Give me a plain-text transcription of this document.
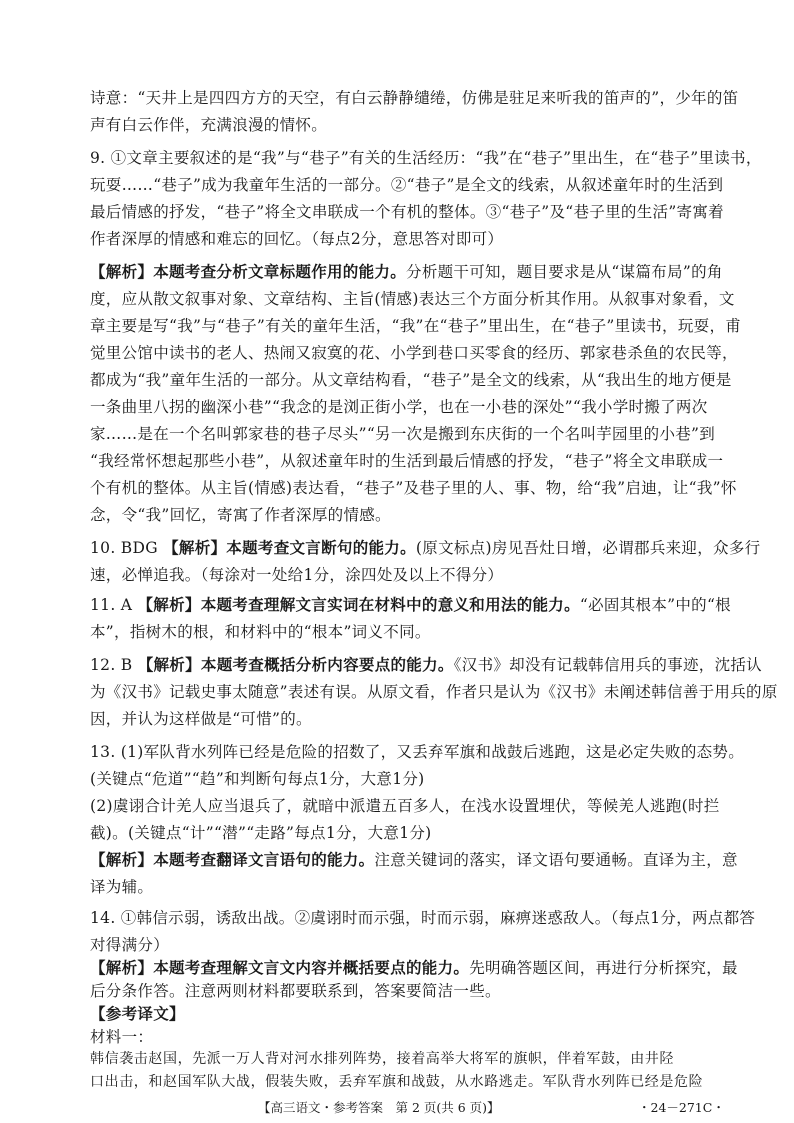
诗意：“天井上是四四方方的天空，有白云静静缱绻，仿佛是驻足来听我的笛声的”，少年的笛
声有白云作伴，充满浪漫的情怀。
9. ①文章主要叙述的是“我”与“巷子”有关的生活经历：“我”在“巷子”里出生，在“巷子”里读书，
玩耍……“巷子”成为我童年生活的一部分。②“巷子”是全文的线索，从叙述童年时的生活到
最后情感的抒发，“巷子”将全文串联成一个有机的整体。③“巷子”及“巷子里的生活”寄寓着
作者深厚的情感和难忘的回忆。（每点2分，意思答对即可）
【解析】本题考查分析文章标题作用的能力。分析题干可知，题目要求是从“谋篇布局”的角
度，应从散文叙事对象、文章结构、主旨(情感)表达三个方面分析其作用。从叙事对象看，文
章主要是写“我”与“巷子”有关的童年生活，“我”在“巷子”里出生，在“巷子”里读书，玩耍，甫
觉里公馆中读书的老人、热闹又寂寞的花、小学到巷口买零食的经历、郭家巷杀鱼的农民等，
都成为“我”童年生活的一部分。从文章结构看，“巷子”是全文的线索，从“我出生的地方便是
一条曲里八拐的幽深小巷”“我念的是浏正街小学，也在一小巷的深处”“我小学时搬了两次
家……是在一个名叫郭家巷的巷子尽头”“另一次是搬到东庆街的一个名叫芋园里的小巷”到
“我经常怀想起那些小巷”，从叙述童年时的生活到最后情感的抒发，“巷子”将全文串联成一
个有机的整体。从主旨(情感)表达看，“巷子”及巷子里的人、事、物，给“我”启迪，让“我”怀
念，令“我”回忆，寄寓了作者深厚的情感。
10. BDG 【解析】本题考查文言断句的能力。(原文标点)房见吾灶日增，必谓郡兵来迎，众多行
速，必惮追我。（每涂对一处给1分，涂四处及以上不得分）
11. A 【解析】本题考查理解文言实词在材料中的意义和用法的能力。“必固其根本”中的“根
本”，指树木的根，和材料中的“根本”词义不同。
12. B 【解析】本题考查概括分析内容要点的能力。《汉书》却没有记载韩信用兵的事迹，沈括认
为《汉书》记载史事太随意”表述有误。从原文看，作者只是认为《汉书》未阐述韩信善于用兵的原
因，并认为这样做是“可惜”的。
13. (1)军队背水列阵已经是危险的招数了，又丢弃军旗和战鼓后逃跑，这是必定失败的态势。
(关键点“危道”“趋”和判断句每点1分，大意1分)
(2)虞诩合计羌人应当退兵了，就暗中派遣五百多人，在浅水设置埋伏，等候羌人逃跑(时拦
截)。(关键点“计”“潜”“走路”每点1分，大意1分)
【解析】本题考查翻译文言语句的能力。注意关键词的落实，译文语句要通畅。直译为主，意
译为辅。
14. ①韩信示弱，诱敌出战。②虞诩时而示强，时而示弱，麻痹迷惑敌人。（每点1分，两点都答
对得满分）
【解析】本题考查理解文言文内容并概括要点的能力。先明确答题区间，再进行分析探究，最
后分条作答。注意两则材料都要联系到，答案要简洁一些。
【参考译文】
材料一：
韩信袭击赵国，先派一万人背对河水排列阵势，接着高举大将军的旗帜，伴着军鼓，由井陉
口出击，和赵国军队大战，假装失败，丢弃军旗和战鼓，从水路逃走。军队背水列阵已经是危险
【高三语文・参考答案　第 2 页(共 6 页)】	・24－271C・
